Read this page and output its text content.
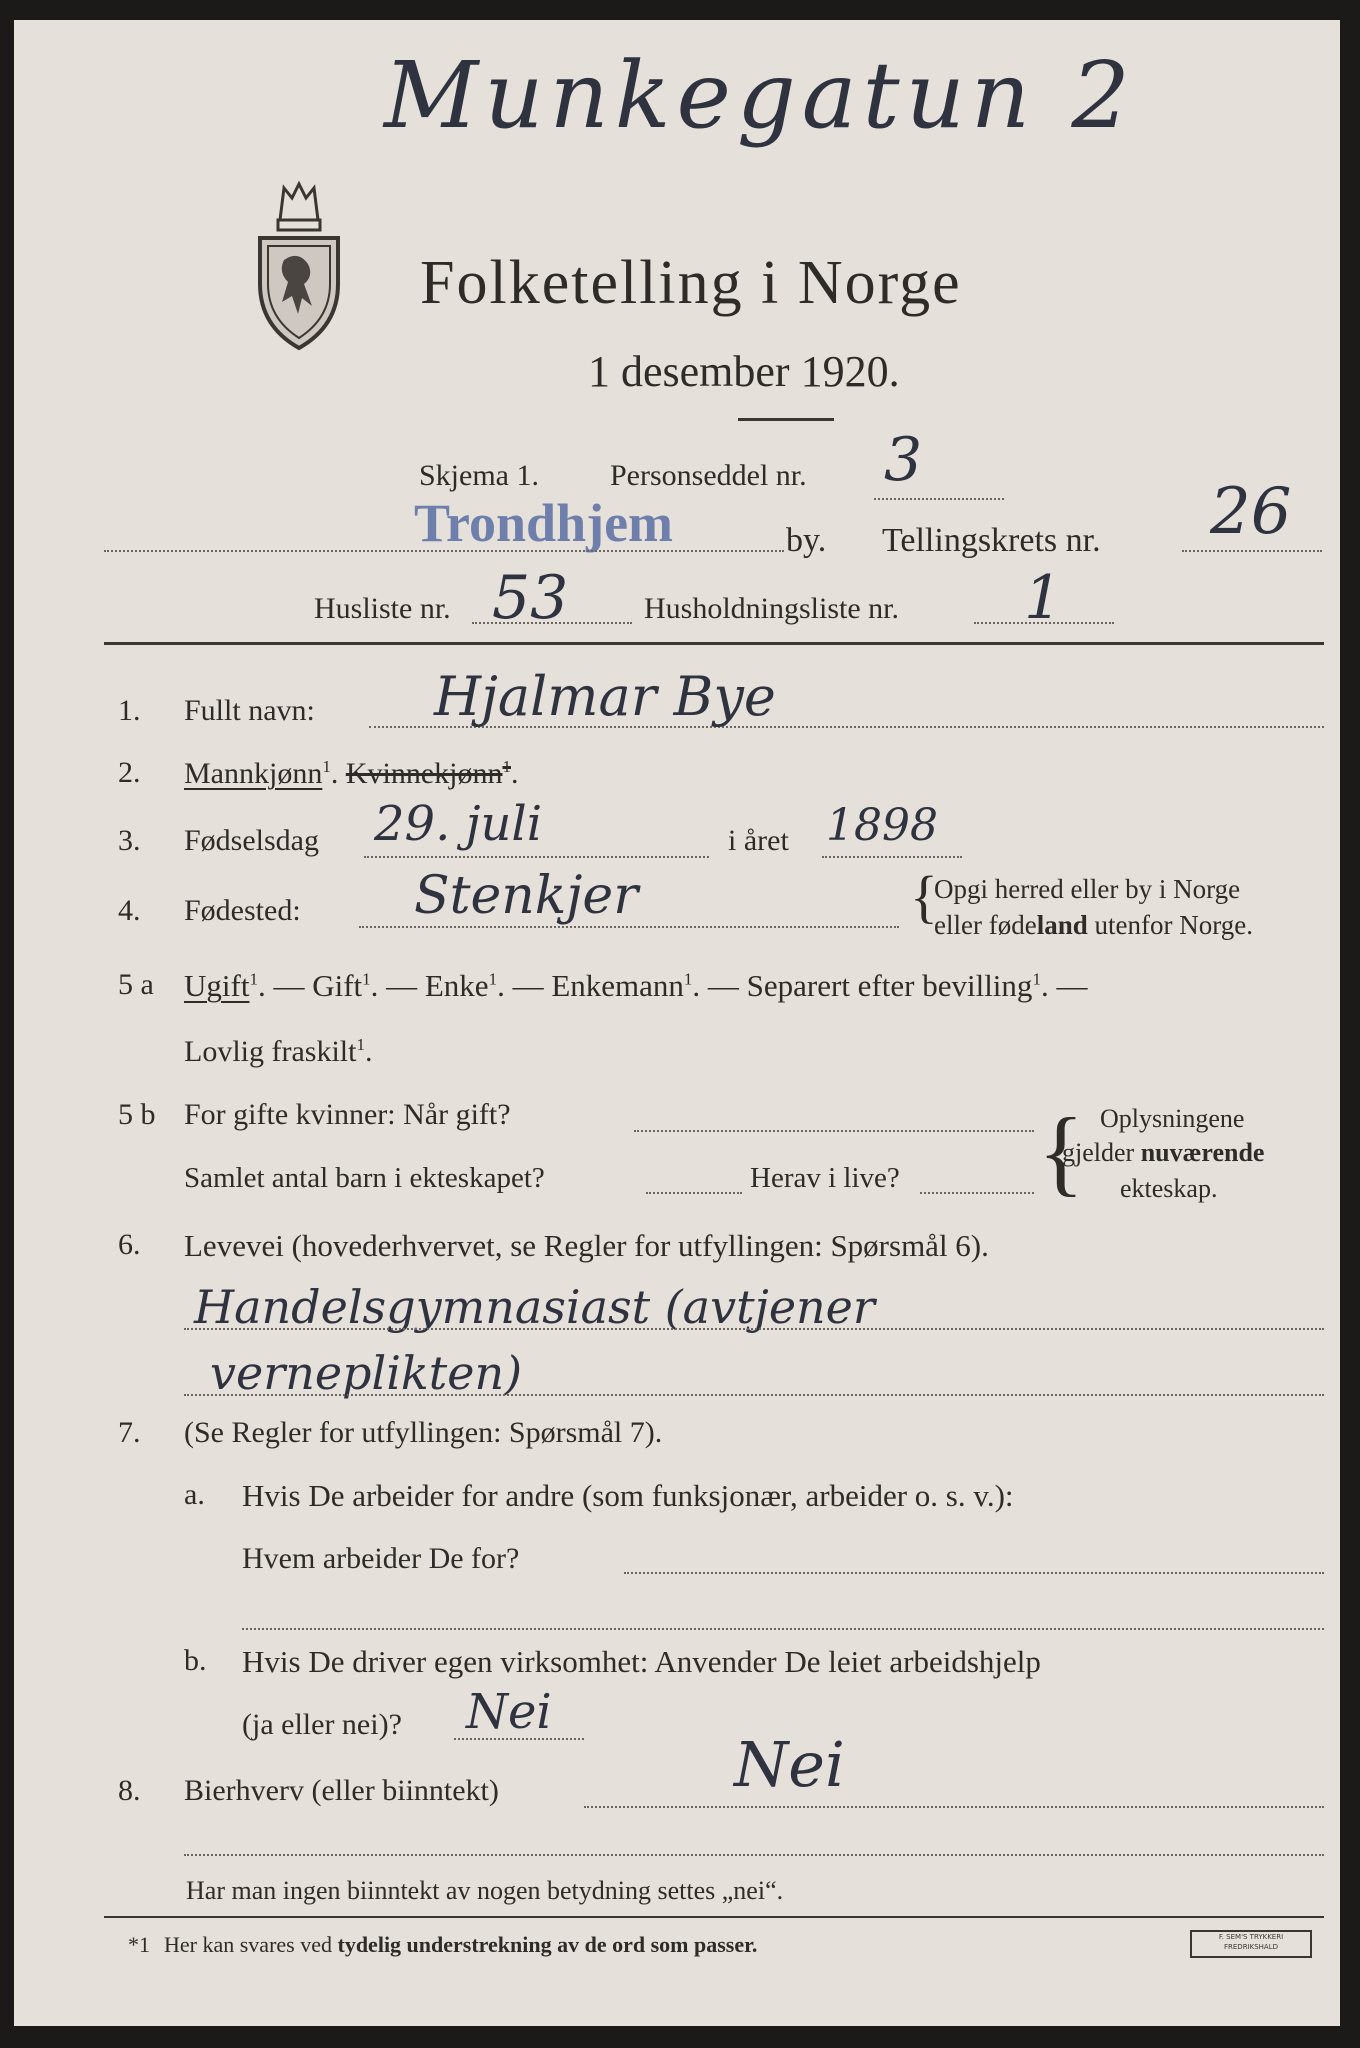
Munkegatun 2
Folketelling i Norge
1 desember 1920.
Skjema 1. Personseddel nr. 3
Trondhjem	by. Tellingskrets nr. 26
Husliste nr. 53	Husholdningsliste nr. 1
1. Fullt navn: Hjalmar Bye
2. Mannkjønn$^1$. Kvinnekjønn$^1$.
3. Fødselsdag 29. juli	i året 1898
4. Fødested: Stenkjer	{
Opgi herred eller by i Norge
eller fødeland utenfor Norge.
5 a Ugift$^1$. — Gift$^1$. — Enke$^1$. — Enkemann$^1$. — Separert efter bevilling$^1$. —
Lovlig fraskilt$^1$.
5 b For gifte kvinner: Når gift?
Samlet antal barn i ekteskapet?	Herav i live? { Oplysningene
gjelder nuværende
ekteskap.
6. Levevei (hovederhvervet, se Regler for utfyllingen: Spørsmål 6).
Handelsgymnasiast (avtjener
verneplikten)
7. (Se Regler for utfyllingen: Spørsmål 7).
a. Hvis De arbeider for andre (som funksjonær, arbeider o. s. v.):
Hvem arbeider De for?
b. Hvis De driver egen virksomhet: Anvender De leiet arbeidshjelp
(ja eller nei)? Nei
8. Bierhverv (eller biinntekt)	Nei
Har man ingen biinntekt av nogen betydning settes „nei“.
*1 Her kan svares ved tydelig understrekning av de ord som passer.	F. SEM'S TRYKKERI
FREDRIKSHALD
